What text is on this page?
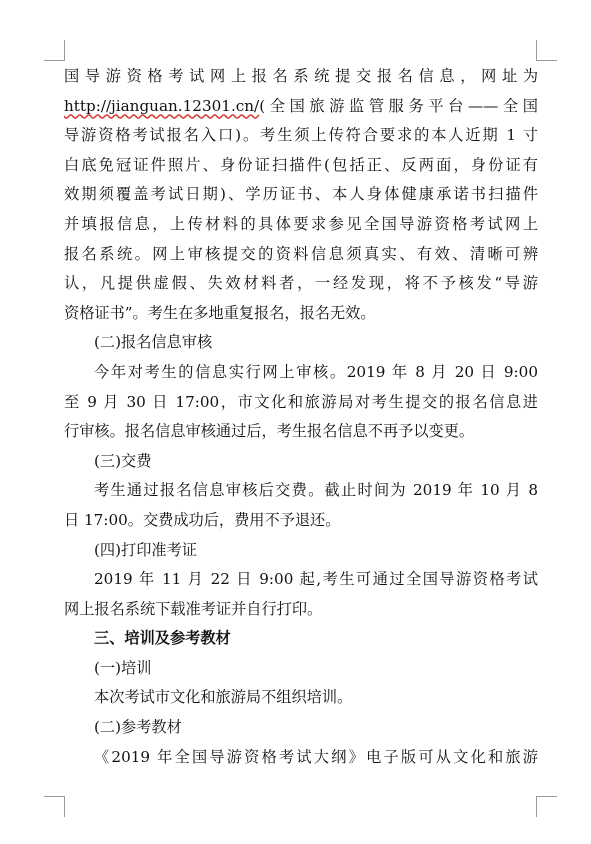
国导游资格考试网上报名系统提交报名信息，网址为
http://jianguan.12301.cn/(全国旅游监管服务平台——全国
导游资格考试报名入口)。考生须上传符合要求的本人近期 1 寸
白底免冠证件照片、身份证扫描件(包括正、反两面，身份证有
效期须覆盖考试日期)、学历证书、本人身体健康承诺书扫描件
并填报信息，上传材料的具体要求参见全国导游资格考试网上
报名系统。网上审核提交的资料信息须真实、有效、清晰可辨
认，凡提供虚假、失效材料者，一经发现，将不予核发“导游
资格证书”。考生在多地重复报名，报名无效。
(二)报名信息审核
今年对考生的信息实行网上审核。2019 年 8 月 20 日 9:00
至 9 月 30 日 17:00，市文化和旅游局对考生提交的报名信息进
行审核。报名信息审核通过后，考生报名信息不再予以变更。
(三)交费
考生通过报名信息审核后交费。截止时间为 2019 年 10 月 8
日 17:00。交费成功后，费用不予退还。
(四)打印准考证
2019 年 11 月 22 日 9:00 起,考生可通过全国导游资格考试
网上报名系统下载准考证并自行打印。
三、培训及参考教材
(一)培训
本次考试市文化和旅游局不组织培训。
(二)参考教材
《2019 年全国导游资格考试大纲》电子版可从文化和旅游
